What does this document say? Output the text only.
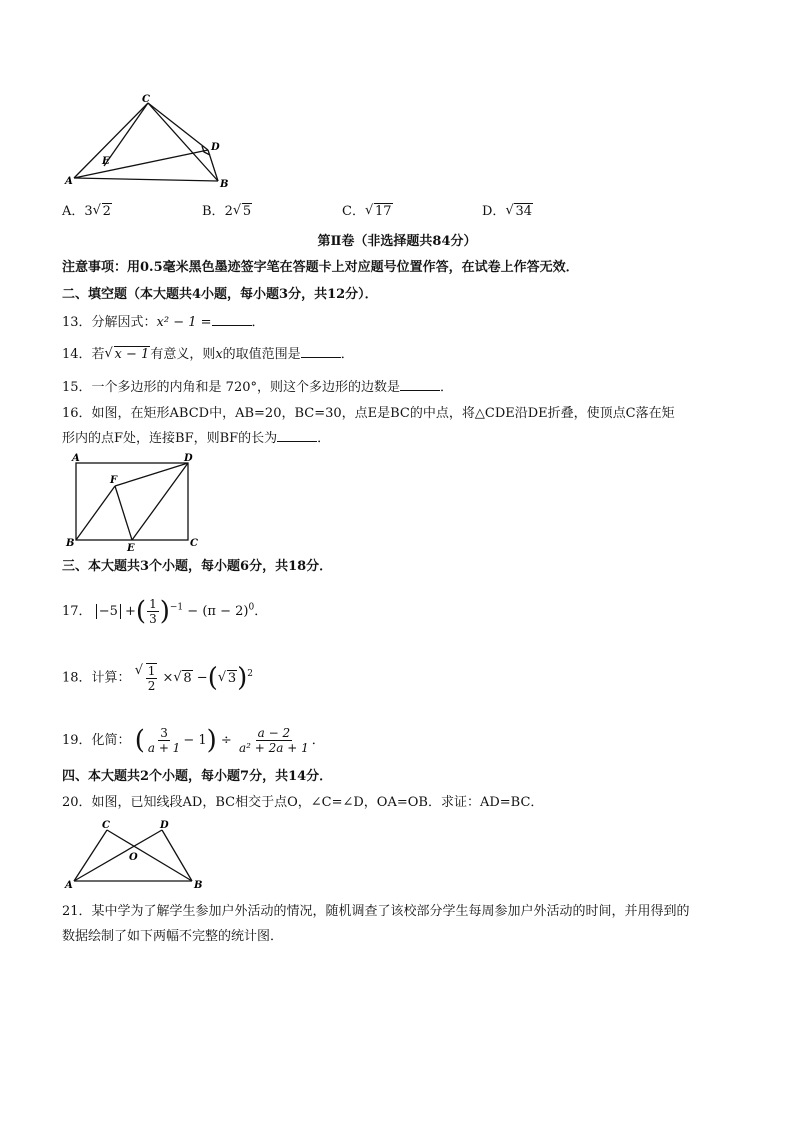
C
E
D
A	B
A．3 √ 2	B．2 √ 5	C． √ 17	D． √ 34
第Ⅱ卷（非选择题共84分）
注意事项：用0.5毫米黑色墨迹签字笔在答题卡上对应题号位置作答，在试卷上作答无效．
二、填空题（本大题共4小题，每小题3分，共12分）．
13．分解因式：x² − 1 =	．
14．若 √ x − 1有意义，则x的取值范围是	．
15．一个多边形的内角和是 720°，则这个多边形的边数是	．
16．如图，在矩形ABCD中，AB=20，BC=30，点E是BC的中点，将△CDE沿DE折叠，使顶点C落在矩
形内的点F处，连接BF，则BF的长为	．
A	D
F
B	E	C
三、本大题共3个小题，每小题6分，共18分．
17． −5 +( $\frac{1}{3} )^{-1} - (\pi - 2)^0$．
18．计算： √ $\frac{1}{2}$ × √ 8 −( √ 3)$^2$
19．化简： ( $\frac{3}{a + 1} - 1) \div \frac{a - 2}{\text{a² + 2a + 1}}$ ．
四、本大题共2个小题，每小题7分，共14分．
20．如图，已知线段AD，BC相交于点O，∠C=∠D，OA=OB．求证：AD=BC．
C	D
O
A	B
21．某中学为了解学生参加户外活动的情况，随机调查了该校部分学生每周参加户外活动的时间，并用得到的
数据绘制了如下两幅不完整的统计图．
